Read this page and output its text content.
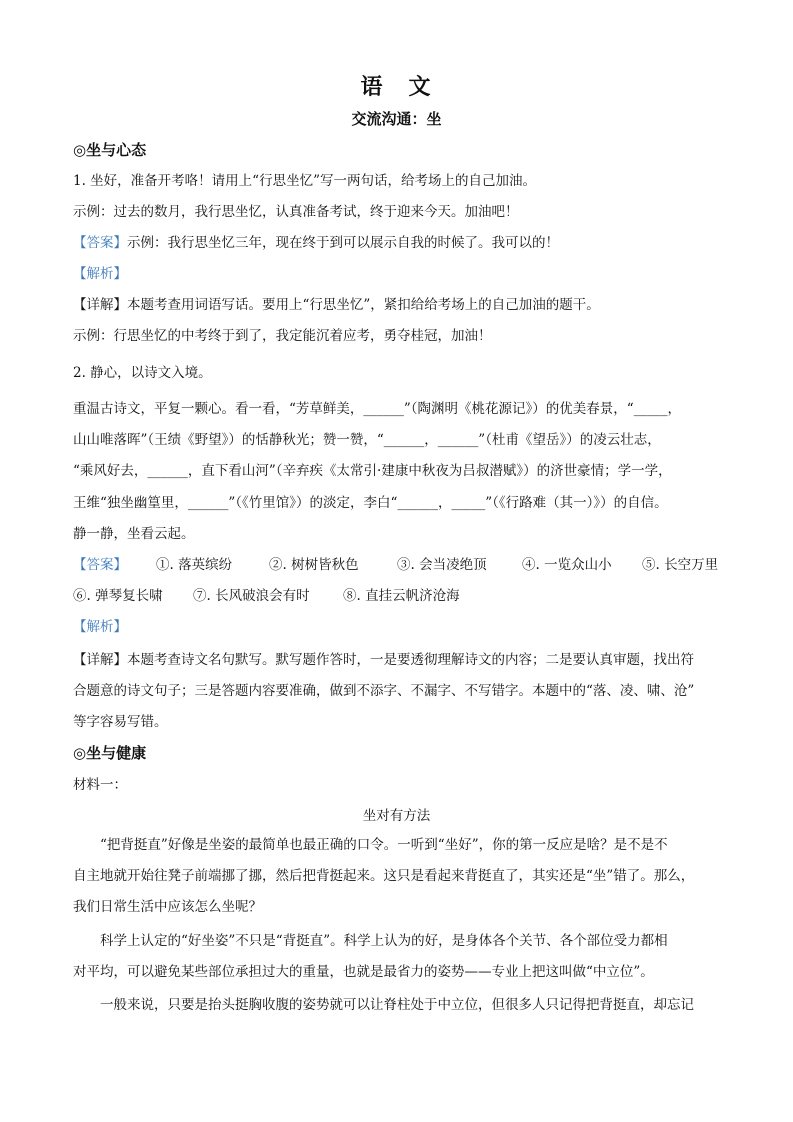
语　文
交流沟通：坐
◎坐与心态
1. 坐好，准备开考咯！请用上“行思坐忆”写一两句话，给考场上的自己加油。
示例：过去的数月，我行思坐忆，认真准备考试，终于迎来今天。加油吧！
【答案】示例：我行思坐忆三年，现在终于到可以展示自我的时候了。我可以的！
【解析】
【详解】本题考查用词语写话。要用上“行思坐忆”，紧扣给给考场上的自己加油的题干。
示例：行思坐忆的中考终于到了，我定能沉着应考，勇夺桂冠，加油！
2. 静心，以诗文入境。
重温古诗文，平复一颗心。看一看，“芳草鲜美，______”（陶渊明《桃花源记》）的优美春景，“_____，
山山唯落晖”（王绩《野望》）的恬静秋光；赞一赞，“______，______”（杜甫《望岳》）的凌云壮志，
“乘风好去，______，直下看山河”（辛弃疾《太常引·建康中秋夜为吕叔潜赋》）的济世豪情；学一学，
王维“独坐幽篁里，______”（《竹里馆》）的淡定，李白“______，_____”（《行路难（其一）》）的自信。
静一静，坐看云起。
【答案】 ①. 落英缤纷	②. 树树皆秋色	③. 会当凌绝顶	④. 一览众山小 ⑤. 长空万里
⑥. 弹琴复长啸 ⑦. 长风破浪会有时 ⑧. 直挂云帆济沧海
【解析】
【详解】本题考查诗文名句默写。默写题作答时，一是要透彻理解诗文的内容；二是要认真审题，找出符
合题意的诗文句子；三是答题内容要准确，做到不添字、不漏字、不写错字。本题中的“落、凌、啸、沧”
等字容易写错。
◎坐与健康
材料一：
坐对有方法
“把背挺直”好像是坐姿的最简单也最正确的口令。一听到“坐好”，你的第一反应是啥？是不是不
自主地就开始往凳子前端挪了挪，然后把背挺起来。这只是看起来背挺直了，其实还是“坐”错了。那么，
我们日常生活中应该怎么坐呢？
科学上认定的“好坐姿”不只是“背挺直”。科学上认为的好，是身体各个关节、各个部位受力都相
对平均，可以避免某些部位承担过大的重量，也就是最省力的姿势——专业上把这叫做“中立位”。
一般来说，只要是抬头挺胸收腹的姿势就可以让脊柱处于中立位，但很多人只记得把背挺直，却忘记
